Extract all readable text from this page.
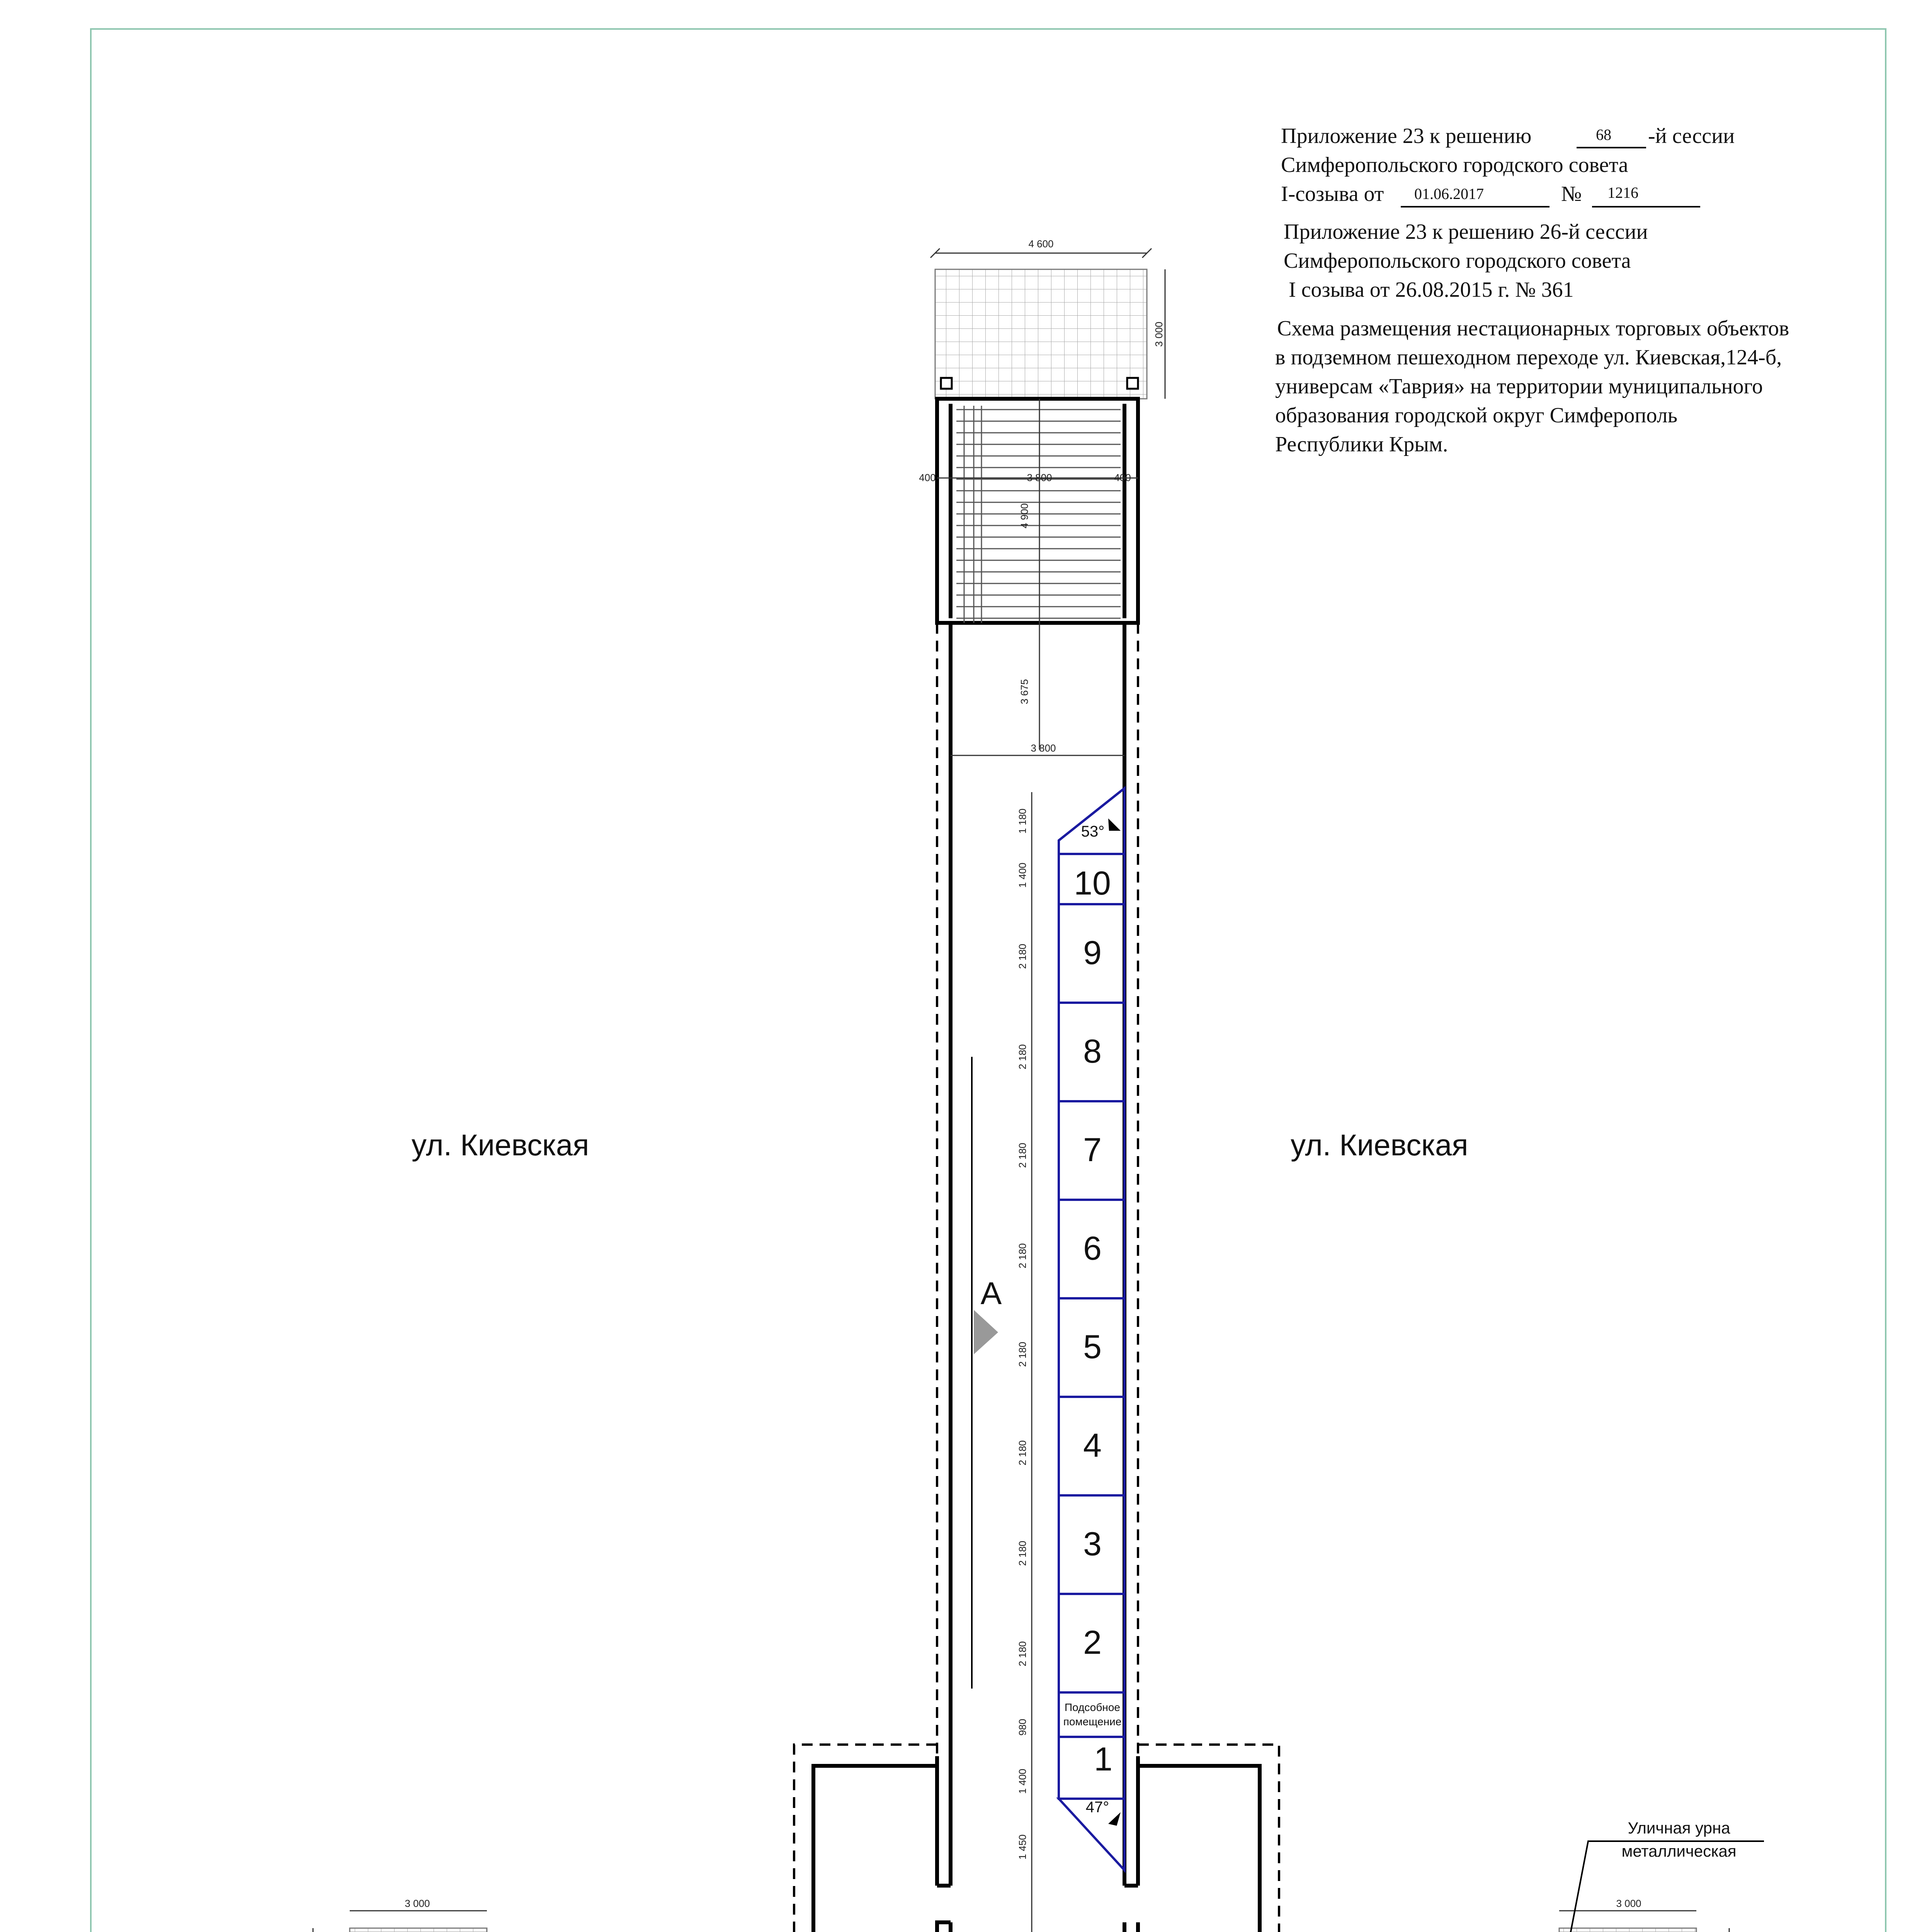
Приложение 23 к решению	68 -й сессии
Симферопольского городского совета
I-созыва от 01.06.2017	№ 1216
Приложение 23 к решению 26-й сессии
Симферопольского городского совета
I созыва от 26.08.2015 г. № 361
Схема размещения нестационарных торговых объектов
в подземном пешеходном переходе ул. Киевская,124-б,
универсам «Таврия» на территории муниципального
образования городской округ Симферополь
Республики Крым.
4 600
3 000
400	3 800	400
4 900
3 675
3 800
1 180
1 400
2 180
2 180
2 180
2 180
2 180
2 180
2 180
2 180
980
1 400
1 450
А
10
9
8
7
6
5
4
3
2
Подсобное
помещение
1
53°
47°
3 000	3 000
Уличная урна
металлическая
ул. Киевская	ул. Киевская
